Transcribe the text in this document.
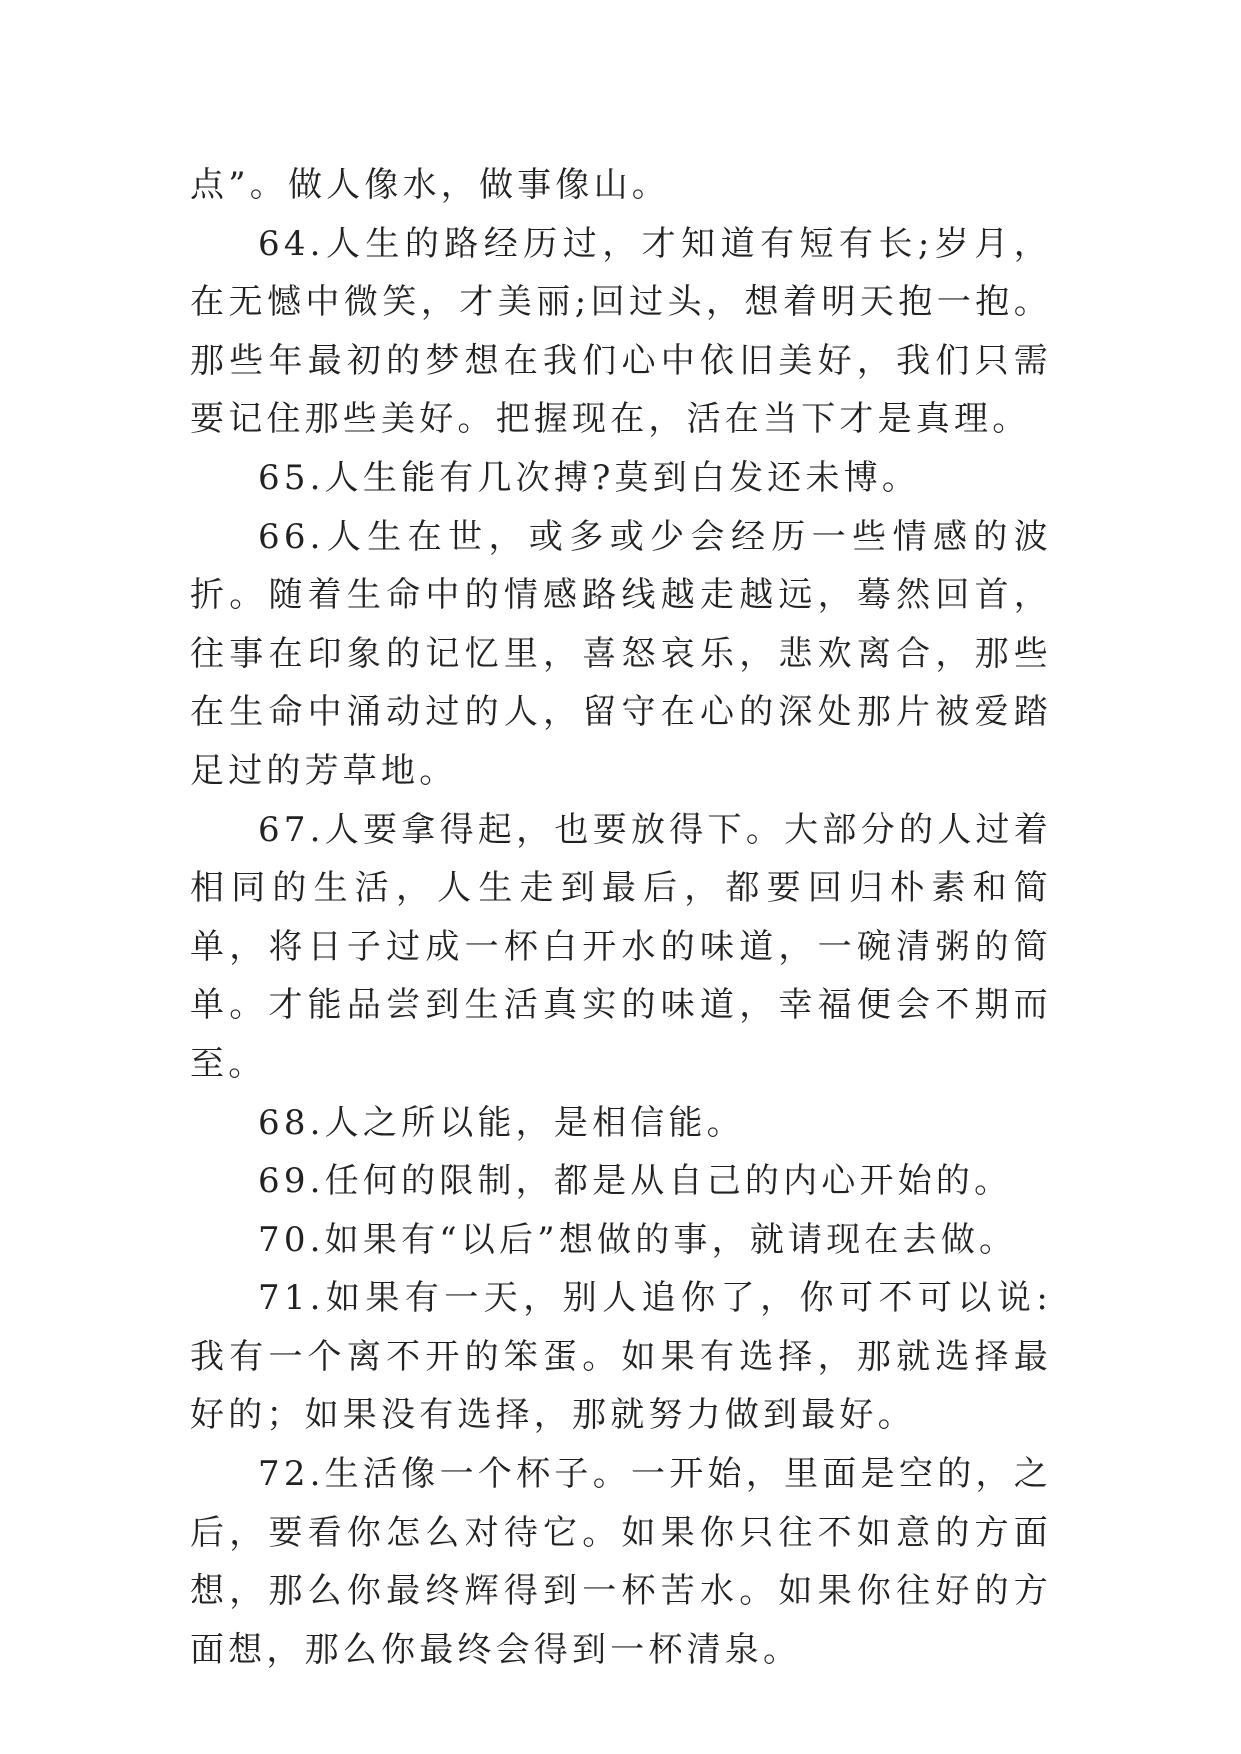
点”。做人像水，做事像山。

64.人生的路经历过，才知道有短有长;岁月，在无憾中微笑，才美丽;回过头，想着明天抱一抱。那些年最初的梦想在我们心中依旧美好，我们只需要记住那些美好。把握现在，活在当下才是真理。

65.人生能有几次搏?莫到白发还未博。

66.人生在世，或多或少会经历一些情感的波折。随着生命中的情感路线越走越远，蓦然回首，往事在印象的记忆里，喜怒哀乐，悲欢离合，那些在生命中涌动过的人，留守在心的深处那片被爱踏足过的芳草地。

67.人要拿得起，也要放得下。大部分的人过着相同的生活，人生走到最后，都要回归朴素和简单，将日子过成一杯白开水的味道，一碗清粥的简单。才能品尝到生活真实的味道，幸福便会不期而至。

68.人之所以能，是相信能。

69.任何的限制，都是从自己的内心开始的。

70.如果有“以后”想做的事，就请现在去做。

71.如果有一天，别人追你了，你可不可以说:我有一个离不开的笨蛋。如果有选择，那就选择最好的；如果没有选择，那就努力做到最好。

72.生活像一个杯子。一开始，里面是空的，之后，要看你怎么对待它。如果你只往不如意的方面想，那么你最终辉得到一杯苦水。如果你往好的方面想，那么你最终会得到一杯清泉。
